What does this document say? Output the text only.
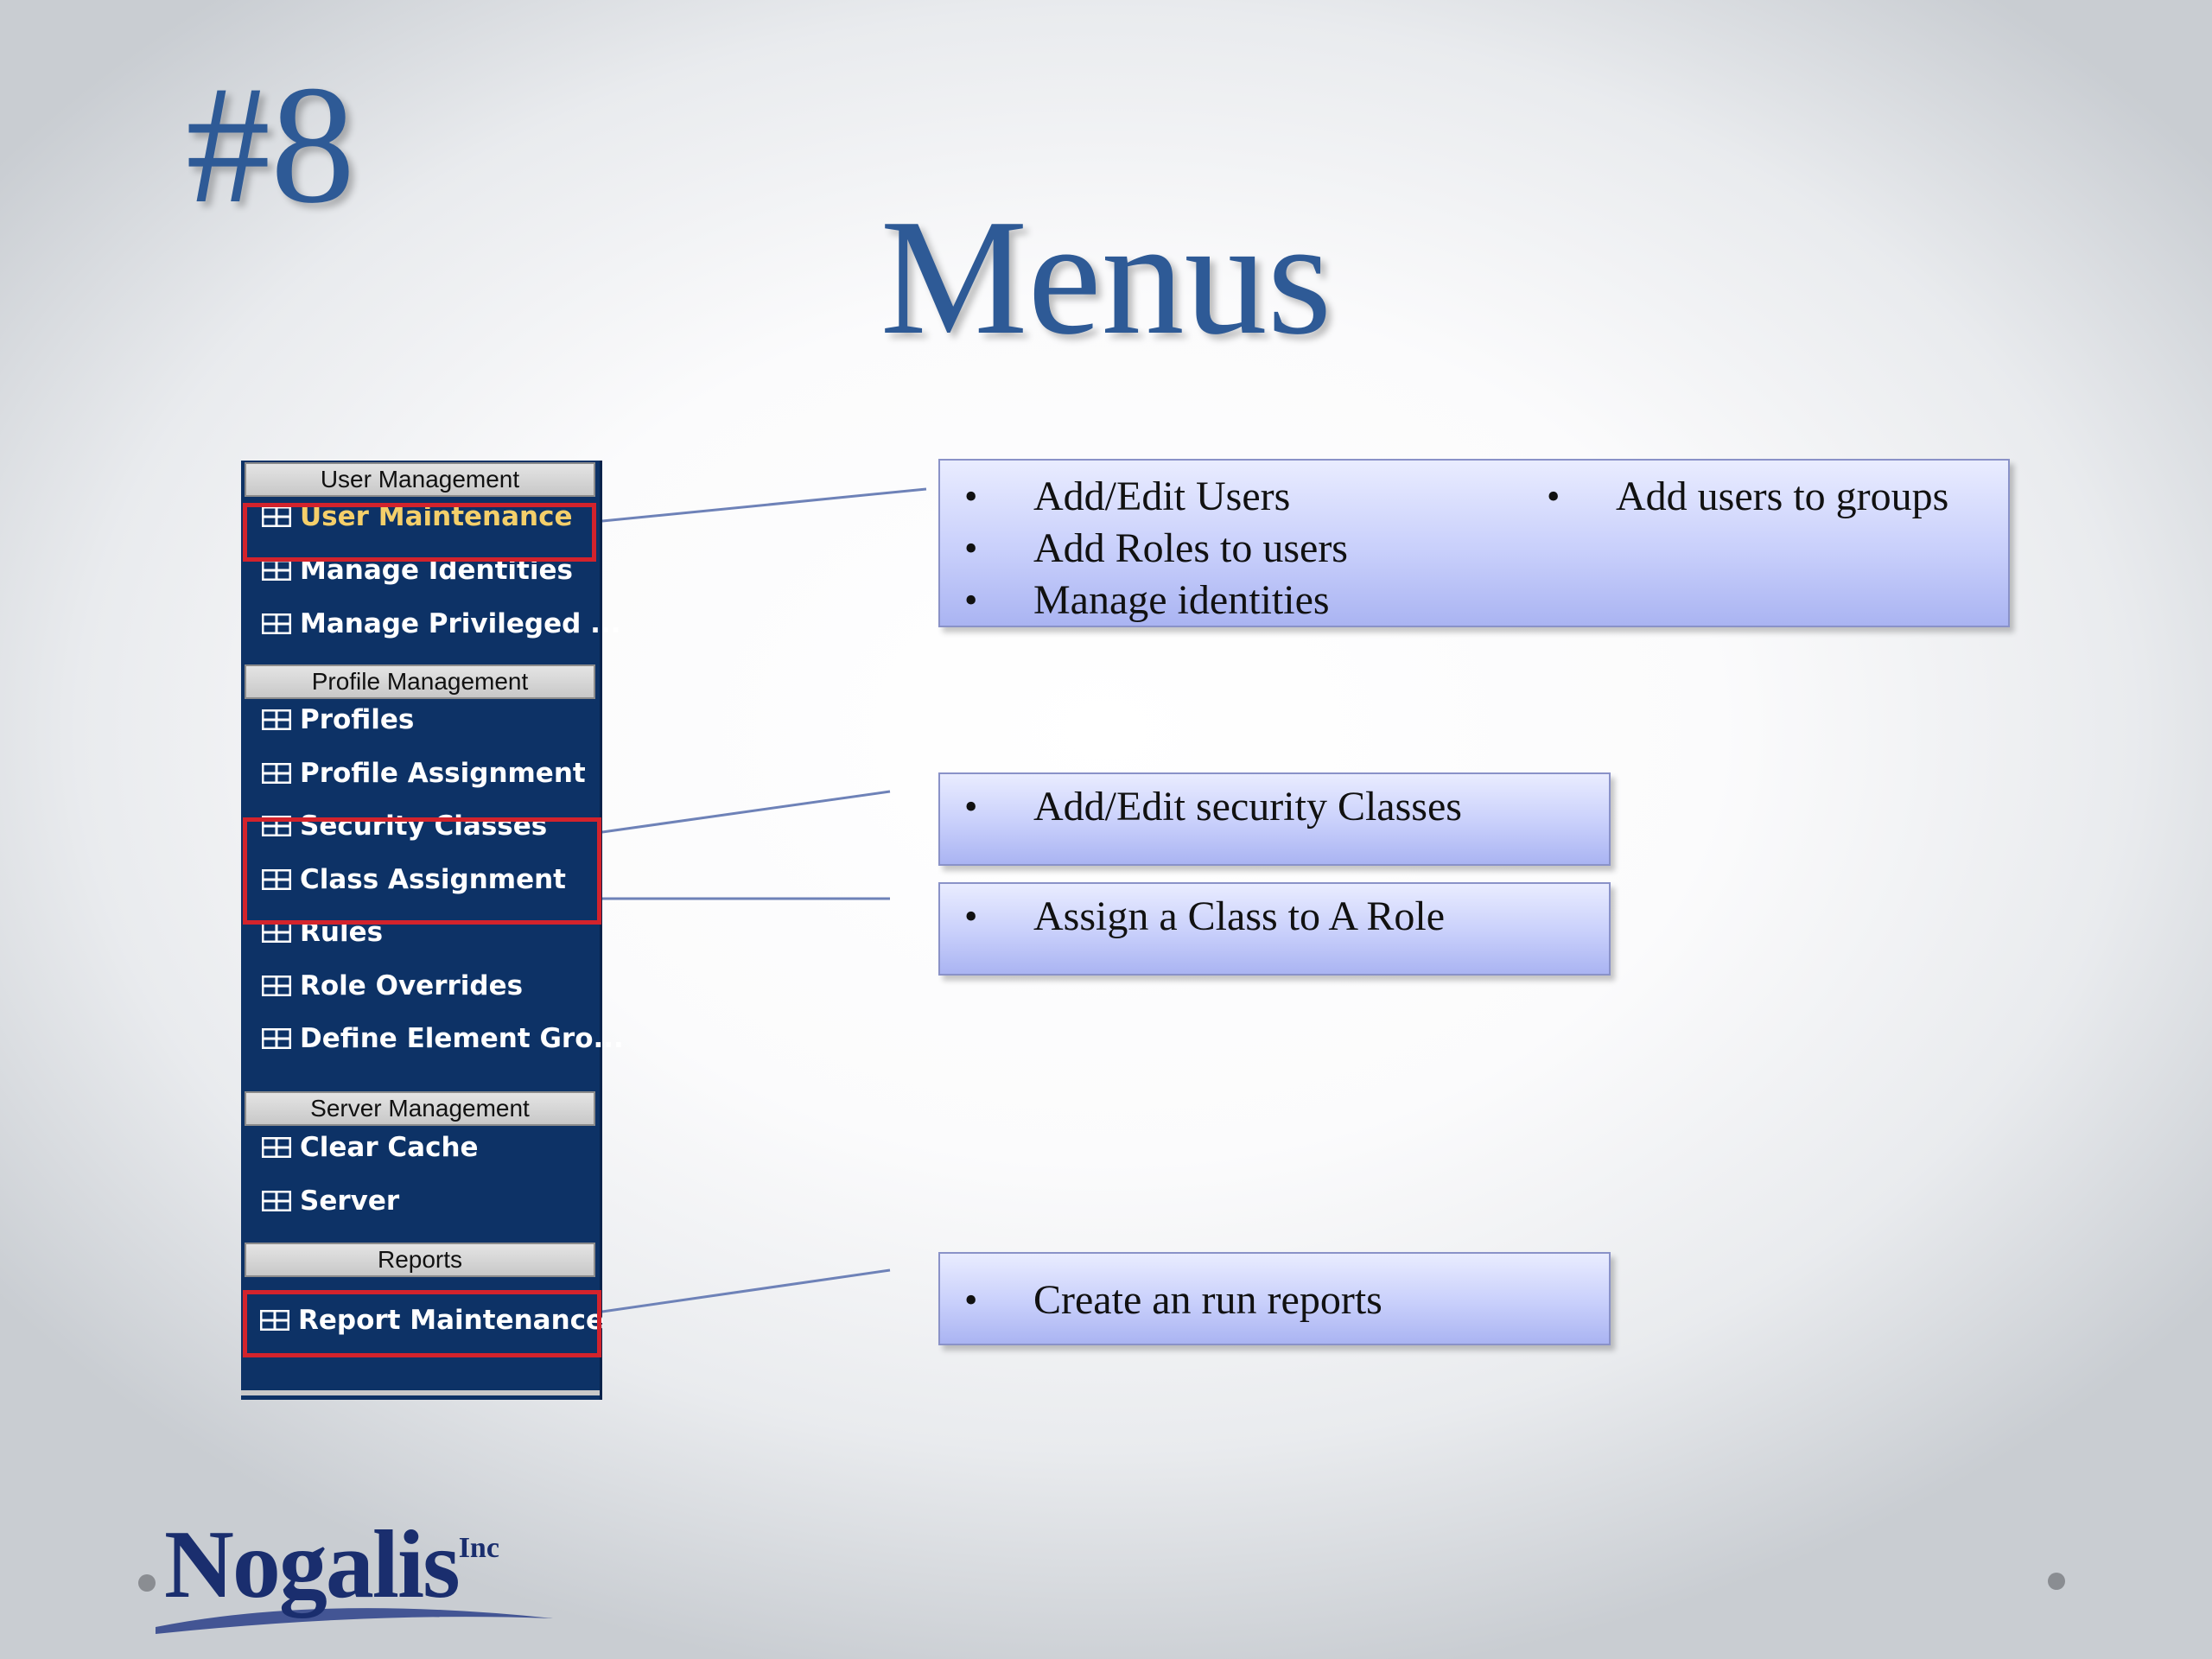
#8
Menus
User Management
User Maintenance
Manage Identities
Manage Privileged ...
Profile Management
Profiles
Profile Assignment
Security Classes
Class Assignment
Rules
Role Overrides
Define Element Gro...
Server Management
Clear Cache
Server
Reports
Report Maintenance
• Add/Edit Users
• Add Roles to users
• Manage identities
• Add users to groups
• Add/Edit security Classes
• Assign a Class to A Role
• Create an run reports
Nogalis$^{Inc}$
